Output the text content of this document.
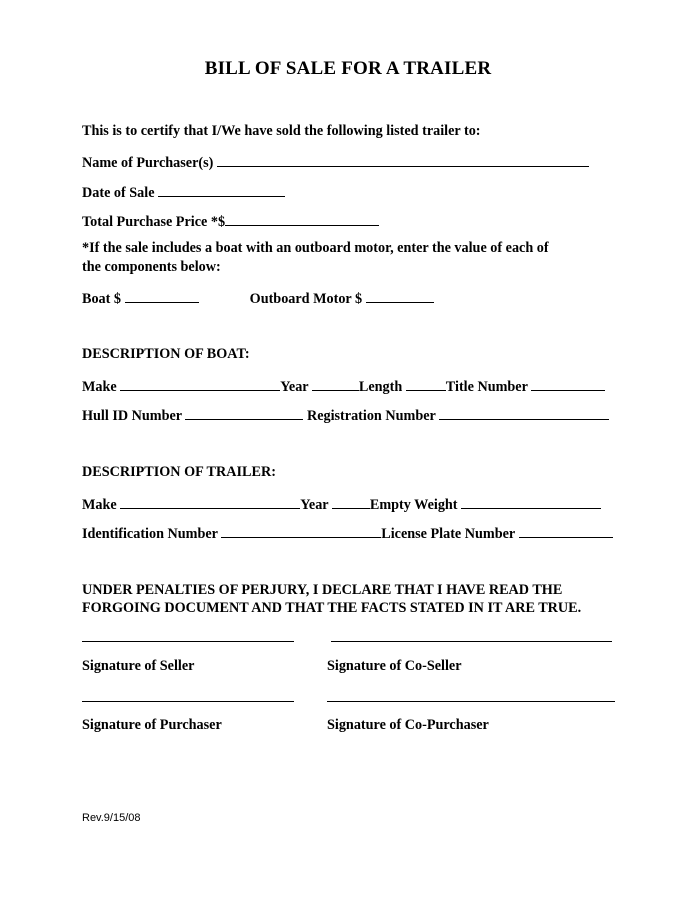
BILL OF SALE FOR A TRAILER
This is to certify that I/We have sold the following listed trailer to:
Name of Purchaser(s)
Date of Sale
Total Purchase Price *$
*If the sale includes a boat with an outboard motor, enter the value of each of
the components below:
Boat $	Outboard Motor $
DESCRIPTION OF BOAT:
Make	Year	Length	Title Number
Hull ID Number	Registration Number
DESCRIPTION OF TRAILER:
Make	Year	Empty Weight
Identification Number	License Plate Number
UNDER PENALTIES OF PERJURY, I DECLARE THAT I HAVE READ THE
FORGOING DOCUMENT AND THAT THE FACTS STATED IN IT ARE TRUE.
Signature of Seller	Signature of Co-Seller
Signature of Purchaser	Signature of Co-Purchaser
Rev.9/15/08
